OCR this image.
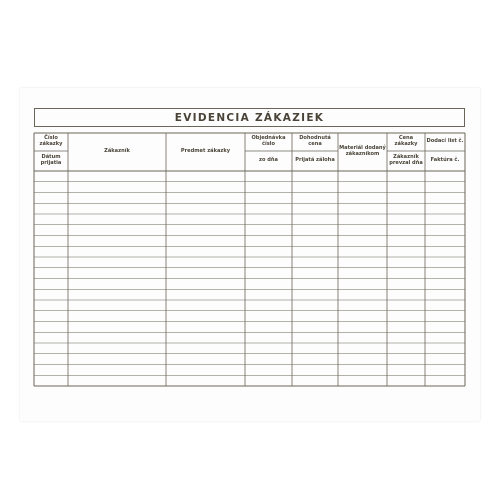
EVIDENCIA ZÁKAZIEK
Číslo zákazky
Dátum prijatia
Zákazník	Predmet zákazky
Objednávka číslo
zo dňa
Dohodnutá cena
Prijatá záloha
Materiál dodaný zákazníkom
Cena zákazky
Zákazník prevzal dňa
Dodací list č.
Faktúra č.
